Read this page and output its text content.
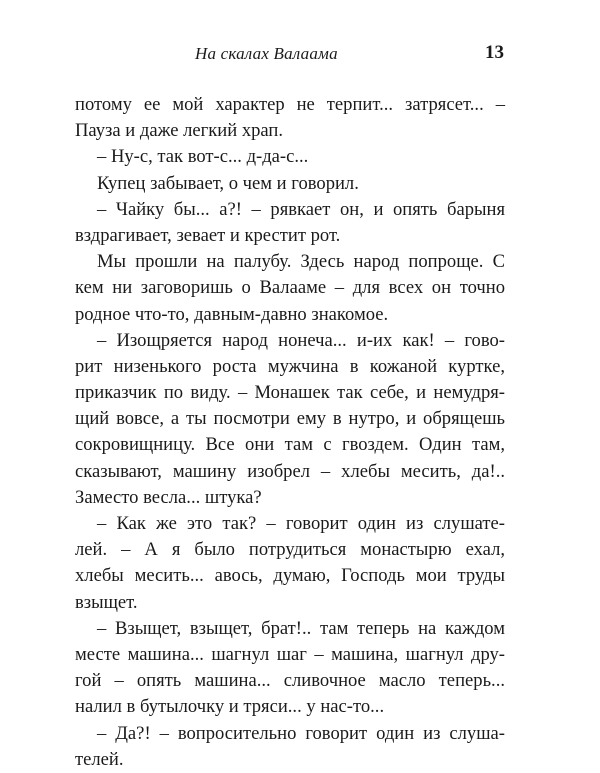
На скалах Валаама	13
потому ее мой характер не терпит... затрясет... –
Пауза и даже легкий храп.
– Ну-с, так вот-с... д-да-с...
Купец забывает, о чем и говорил.
– Чайку бы... а?! – рявкает он, и опять барыня
вздрагивает, зевает и крестит рот.
Мы прошли на палубу. Здесь народ попроще. С
кем ни заговоришь о Валааме – для всех он точно
родное что-то, давным-давно знакомое.
– Изощряется народ нонеча... и-их как! – гово-
рит низенького роста мужчина в кожаной куртке,
приказчик по виду. – Монашек так себе, и немудря-
щий вовсе, а ты посмотри ему в нутро, и обрящешь
сокровищницу. Все они там с гвоздем. Один там,
сказывают, машину изобрел – хлебы месить, да!..
Заместо весла... штука?
– Как же это так? – говорит один из слушате-
лей. – А я было потрудиться монастырю ехал,
хлебы месить... авось, думаю, Господь мои труды
взыщет.
– Взыщет, взыщет, брат!.. там теперь на каждом
месте машина... шагнул шаг – машина, шагнул дру-
гой – опять машина... сливочное масло теперь...
налил в бутылочку и тряси... у нас-то...
– Да?! – вопросительно говорит один из слуша-
телей.
